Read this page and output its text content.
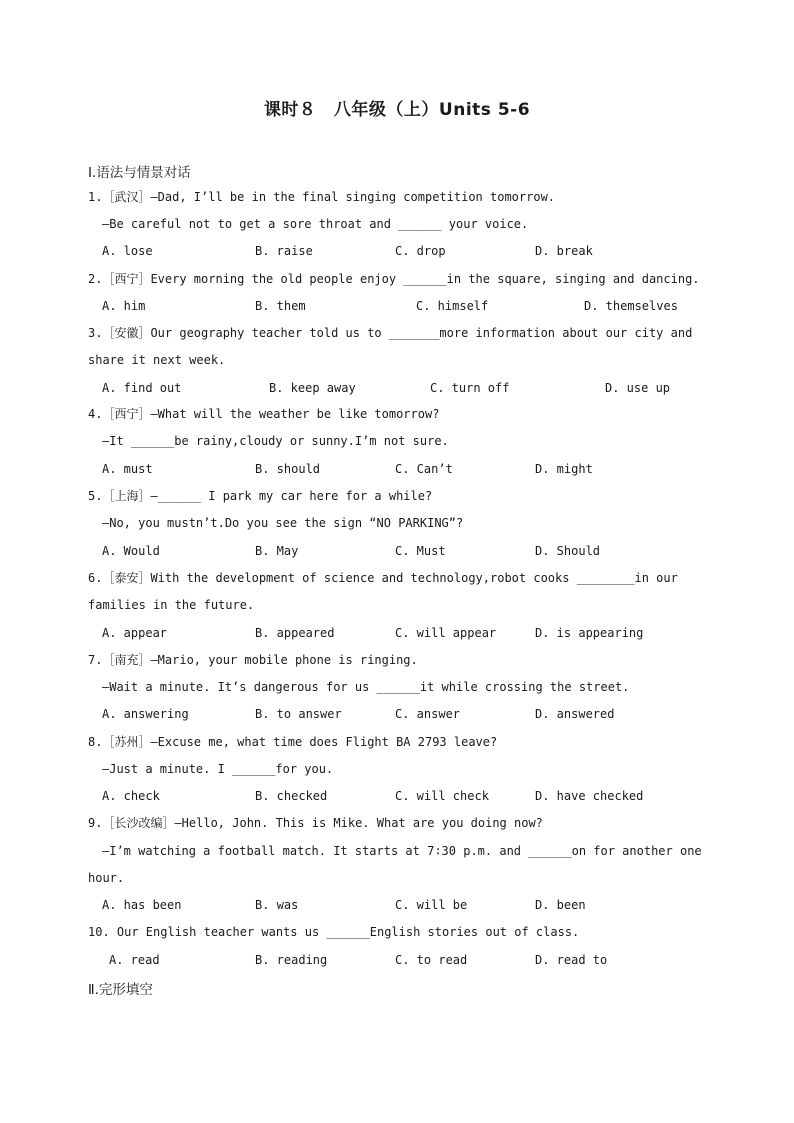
课时８　八年级（上）Units 5-6
Ⅰ.语法与情景对话
1.［武汉］—Dad, I’ll be in the final singing competition tomorrow.
—Be careful not to get a sore throat and ______ your voice.
A. lose	B. raise	C. drop	D. break
2.［西宁］Every morning the old people enjoy ______in the square, singing and dancing.
A. him	B. them	C. himself	D. themselves
3.［安徽］Our geography teacher told us to _______more information about our city and
share it next week.
A. find out	B. keep away	C. turn off	D. use up
4.［西宁］—What will the weather be like tomorrow?
—It ______be rainy,cloudy or sunny.I’m not sure.
A. must	B. should	C. Can’t	D. might
5.［上海］—______ I park my car here for a while?
—No, you mustn’t.Do you see the sign “NO PARKING”?
A. Would	B. May	C. Must	D. Should
6.［泰安］With the development of science and technology,robot cooks ________in our
families in the future.
A. appear	B. appeared	C. will appear	D. is appearing
7.［南充］—Mario, your mobile phone is ringing.
—Wait a minute. It’s dangerous for us ______it while crossing the street.
A. answering	B. to answer	C. answer	D. answered
8.［苏州］—Excuse me, what time does Flight BA 2793 leave?
—Just a minute. I ______for you.
A. check	B. checked	C. will check	D. have checked
9.［长沙改编］—Hello, John. This is Mike. What are you doing now?
—I’m watching a football match. It starts at 7∶30 p.m. and ______on for another one
hour.
A. has been	B. was	C. will be	D. been
10. Our English teacher wants us ______English stories out of class.
A. read	B. reading	C. to read	D. read to
Ⅱ.完形填空
